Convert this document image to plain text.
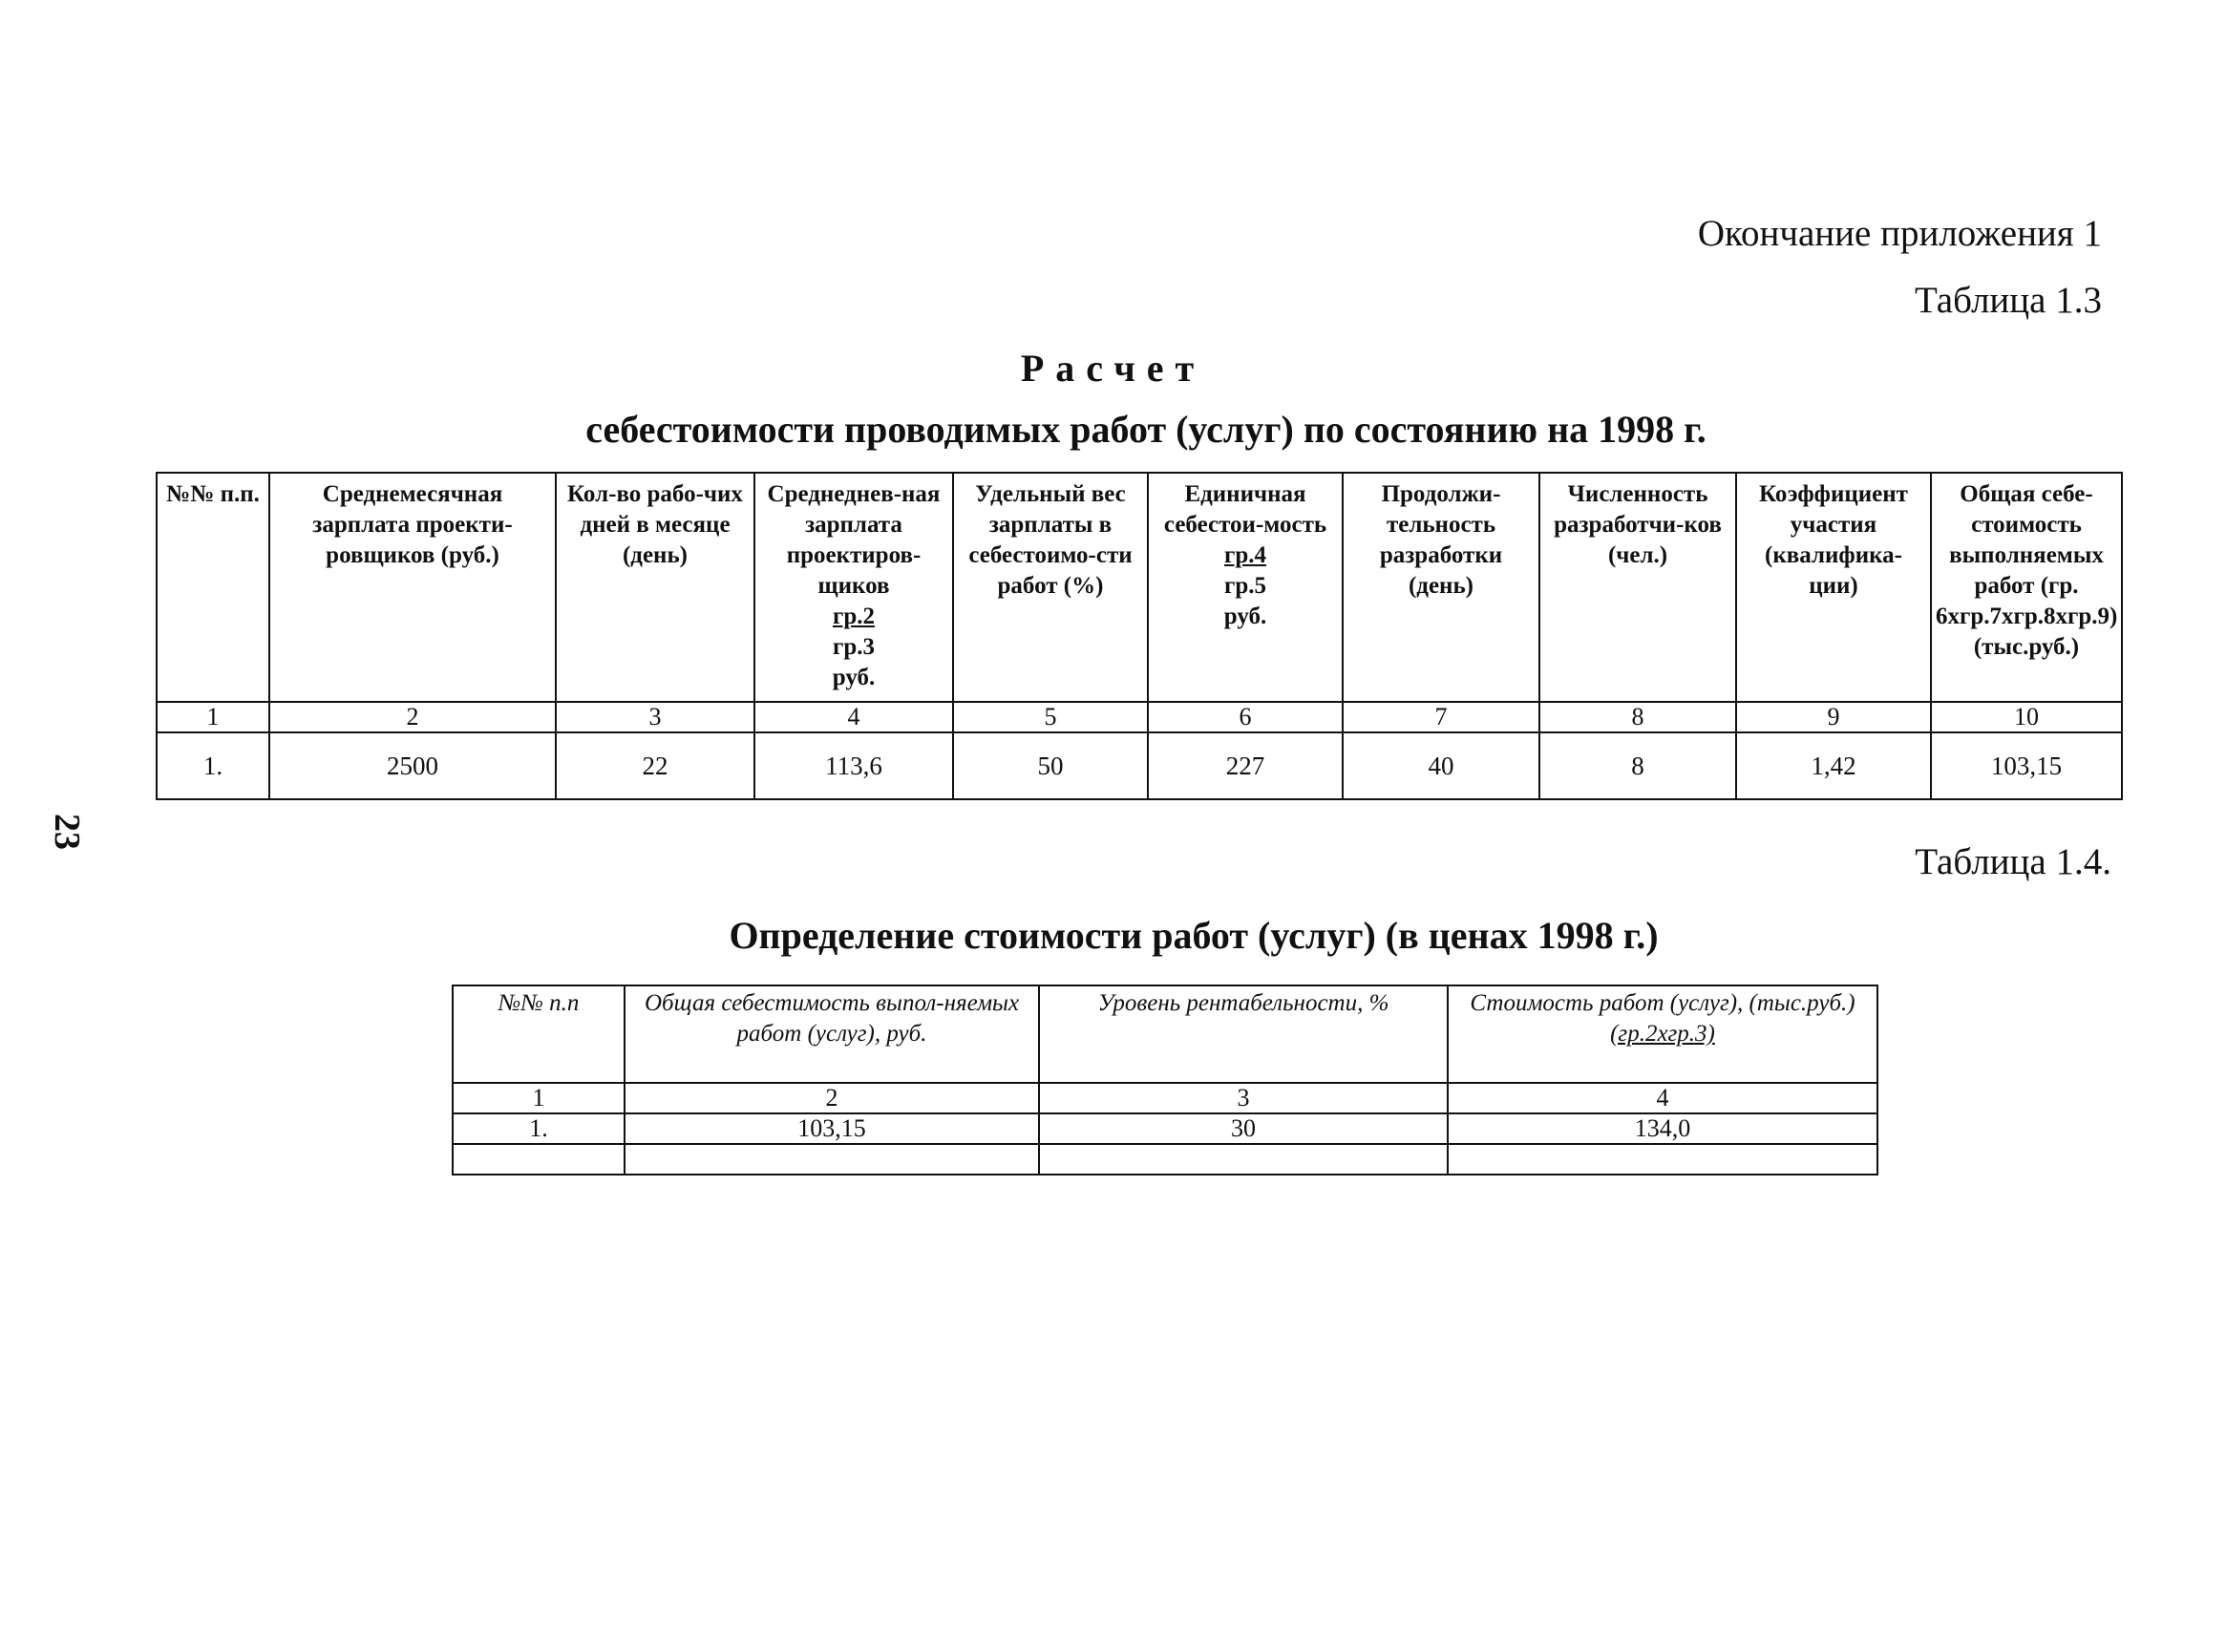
23
Окончание приложения 1
Таблица 1.3
Расчет
себестоимости проводимых работ (услуг) по состоянию на 1998 г.
№№ п.п.	Среднемесячная зарплата проекти-ровщиков (руб.)	Кол-во рабо-чих дней в месяце (день)	Среднеднев-ная зарплата проектиров-щиков
гр.2
гр.3
руб.	Удельный вес зарплаты в себестоимо-сти работ (%)	Единичная себестои-мость
гр.4
гр.5
руб.	Продолжи-тельность разработки (день)	Численность разработчи-ков (чел.)	Коэффициент участия (квалифика-ции)	Общая себе-стоимость выполняемых работ (гр. 6хгр.7хгр.8хгр.9) (тыс.руб.)
1	2	3	4	5	6	7	8	9	10
1.	2500	22	113,6	50	227	40	8	1,42	103,15
Таблица 1.4.
Определение стоимости работ (услуг) (в ценах 1998 г.)
№№ п.п	Общая себестимость выпол-няемых работ (услуг), руб.	Уровень рентабельности, %	Стоимость работ (услуг), (тыс.руб.)
(гр.2хгр.3)

1	2	3	4
1.	103,15	30	134,0
